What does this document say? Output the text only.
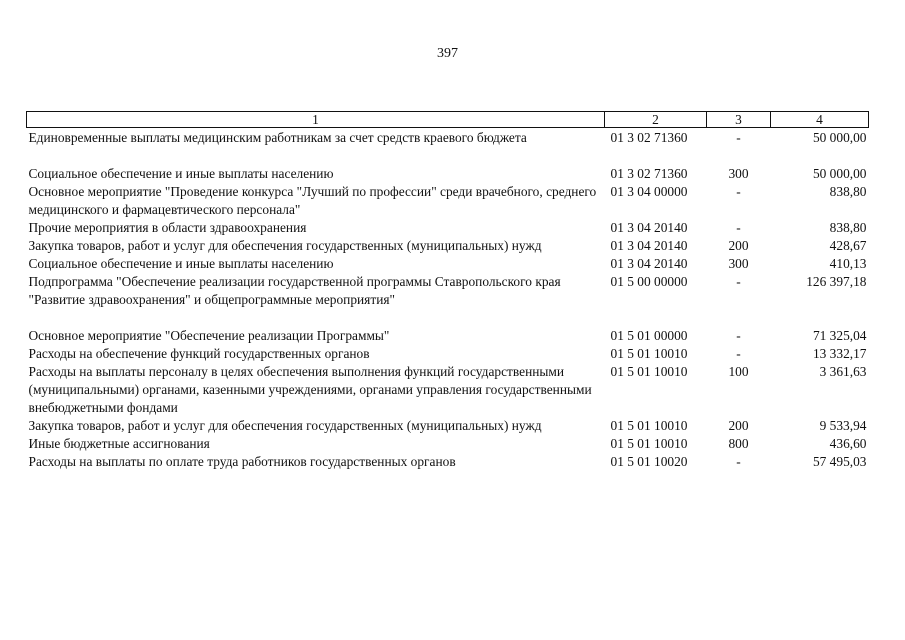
397
1	2	3	4
Единовременные выплаты медицинским работникам за счет средств краевого бюджета	01 3 02 71360	-	50 000,00
Социальное обеспечение и иные выплаты населению	01 3 02 71360	300	50 000,00
Основное мероприятие "Проведение конкурса "Лучший по профессии" среди врачебного, среднего медицинского и фармацевтического персонала"	01 3 04 00000	-	838,80
Прочие мероприятия в области здравоохранения	01 3 04 20140	-	838,80
Закупка товаров, работ и услуг для обеспечения государственных (муниципальных) нужд	01 3 04 20140	200	428,67
Социальное обеспечение и иные выплаты населению	01 3 04 20140	300	410,13
Подпрограмма "Обеспечение реализации государственной программы Ставропольского края "Развитие здравоохранения" и общепрограммные мероприятия"	01 5 00 00000	-	126 397,18
Основное мероприятие "Обеспечение реализации Программы"	01 5 01 00000	-	71 325,04
Расходы на обеспечение функций государственных органов	01 5 01 10010	-	13 332,17
Расходы на выплаты персоналу в целях обеспечения выполнения функций государственными (муниципальными) органами, казенными учреждениями, органами управления государственными внебюджетными фондами	01 5 01 10010	100	3 361,63
Закупка товаров, работ и услуг для обеспечения государственных (муниципальных) нужд	01 5 01 10010	200	9 533,94
Иные бюджетные ассигнования	01 5 01 10010	800	436,60
Расходы на выплаты по оплате труда работников государственных органов	01 5 01 10020	-	57 495,03
